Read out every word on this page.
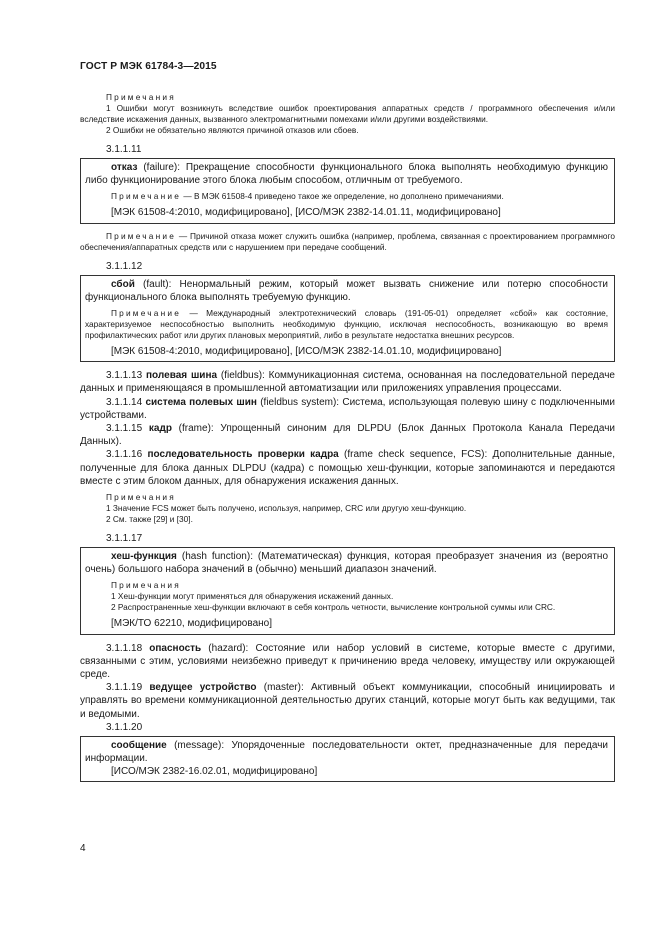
ГОСТ Р МЭК 61784-3—2015

Примечания

1 Ошибки могут возникнуть вследствие ошибок проектирования аппаратных средств / программного обеспечения и/или вследствие искажения данных, вызванного электромагнитными помехами и/или другими воздействиями.

2 Ошибки не обязательно являются причиной отказов или сбоев.

3.1.1.11

отказ (failure): Прекращение способности функционального блока выполнять необходимую функцию либо функционирование этого блока любым способом, отличным от требуемого.

Примечание — В МЭК 61508-4 приведено такое же определение, но дополнено примечаниями.

[МЭК 61508-4:2010, модифицировано], [ИСО/МЭК 2382-14.01.11, модифицировано]

Примечание — Причиной отказа может служить ошибка (например, проблема, связанная с проектированием программного обеспечения/аппаратных средств или с нарушением при передаче сообщений.

3.1.1.12

сбой (fault): Ненормальный режим, который может вызвать снижение или потерю способности функционального блока выполнять требуемую функцию.

Примечание — Международный электротехнический словарь (191-05-01) определяет «сбой» как состояние, характеризуемое неспособностью выполнить необходимую функцию, исключая неспособность, возникающую во время профилактических работ или других плановых мероприятий, либо в результате недостатка внешних ресурсов.

[МЭК 61508-4:2010, модифицировано], [ИСО/МЭК 2382-14.01.10, модифицировано]

3.1.1.13 полевая шина (fieldbus): Коммуникационная система, основанная на последовательной передаче данных и применяющаяся в промышленной автоматизации или приложениях управления процессами.

3.1.1.14 система полевых шин (fieldbus system): Система, использующая полевую шину с подключенными устройствами.

3.1.1.15 кадр (frame): Упрощенный синоним для DLPDU (Блок Данных Протокола Канала Передачи Данных).

3.1.1.16 последовательность проверки кадра (frame check sequence, FCS): Дополнительные данные, полученные для блока данных DLPDU (кадра) с помощью хеш-функции, которые запоминаются и передаются вместе с этим блоком данных, для обнаружения искажения данных.

Примечания

1 Значение FCS может быть получено, используя, например, CRC или другую хеш-функцию.

2 См. также [29] и [30].

3.1.1.17

хеш-функция (hash function): (Математическая) функция, которая преобразует значения из (вероятно очень) большого набора значений в (обычно) меньший диапазон значений.

Примечания

1 Хеш-функции могут применяться для обнаружения искажений данных.

2 Распространенные хеш-функции включают в себя контроль четности, вычисление контрольной суммы или CRC.

[МЭК/ТО 62210, модифицировано]

3.1.1.18 опасность (hazard): Состояние или набор условий в системе, которые вместе с другими, связанными с этим, условиями неизбежно приведут к причинению вреда человеку, имуществу или окружающей среде.

3.1.1.19 ведущее устройство (master): Активный объект коммуникации, способный инициировать и управлять во времени коммуникационной деятельностью других станций, которые могут быть как ведущими, так и ведомыми.

3.1.1.20

сообщение (message): Упорядоченные последовательности октет, предназначенные для передачи информации.

[ИСО/МЭК 2382-16.02.01, модифицировано]

4
